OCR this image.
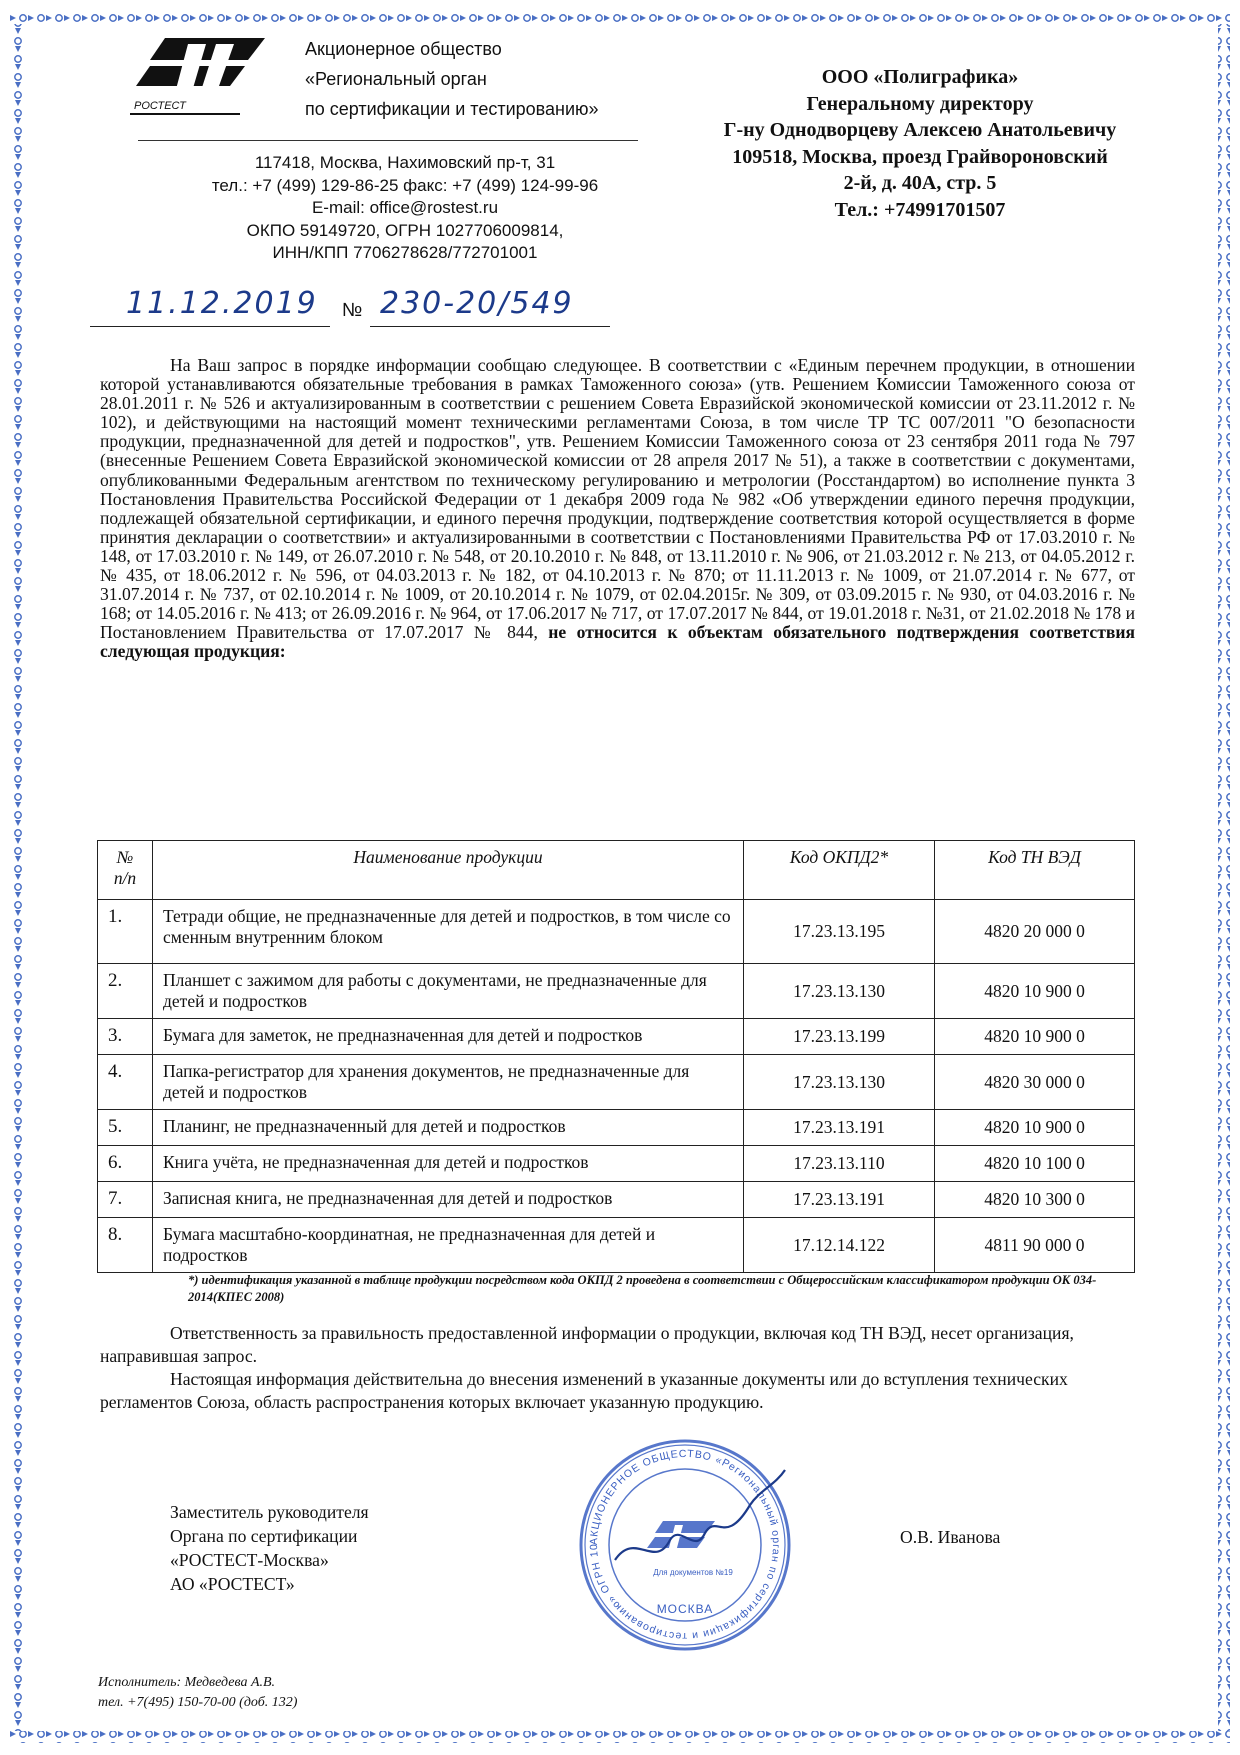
РОСТЕСТ
Акционерное общество
«Региональный орган
по сертификации и тестированию»
117418, Москва, Нахимовский пр-т, 31
тел.: +7 (499) 129-86-25 факс: +7 (499) 124-99-96
E-mail: office@rostest.ru
ОКПО 59149720, ОГРН 1027706009814,
ИНН/КПП 7706278628/772701001
ООО «Полиграфика»
Генеральному директору
Г-ну Однодворцеву Алексею Анатольевичу
109518, Москва, проезд Грайвороновский
2-й, д. 40А, стр. 5
Тел.: +74991701507
11.12.2019 № 230-20/549

На Ваш запрос в порядке информации сообщаю следующее. В соответствии с «Единым перечнем продукции, в отношении которой устанавливаются обязательные требования в рамках Таможенного союза» (утв. Решением Комиссии Таможенного союза от 28.01.2011 г. № 526 и актуализированным в соответствии с решением Совета Евразийской экономической комиссии от 23.11.2012 г. № 102), и действующими на настоящий момент техническими регламентами Союза, в том числе ТР ТС 007/2011 "О безопасности продукции, предназначенной для детей и подростков", утв. Решением Комиссии Таможенного союза от 23 сентября 2011 года № 797 (внесенные Решением Совета Евразийской экономической комиссии от 28 апреля 2017 № 51), а также в соответствии с документами, опубликованными Федеральным агентством по техническому регулированию и метрологии (Росстандартом) во исполнение пункта 3 Постановления Правительства Российской Федерации от 1 декабря 2009 года № 982 «Об утверждении единого перечня продукции, подлежащей обязательной сертификации, и единого перечня продукции, подтверждение соответствия которой осуществляется в форме принятия декларации о соответствии» и актуализированными в соответствии с Постановлениями Правительства РФ от 17.03.2010 г. № 148, от 17.03.2010 г. № 149, от 26.07.2010 г. № 548, от 20.10.2010 г. № 848, от 13.11.2010 г. № 906, от 21.03.2012 г. № 213, от 04.05.2012 г. № 435, от 18.06.2012 г. № 596, от 04.03.2013 г. № 182, от 04.10.2013 г. № 870; от 11.11.2013 г. № 1009, от 21.07.2014 г. № 677, от 31.07.2014 г. № 737, от 02.10.2014 г. № 1009, от 20.10.2014 г. № 1079, от 02.04.2015г. № 309, от 03.09.2015 г. № 930, от 04.03.2016 г. № 168; от 14.05.2016 г. № 413; от 26.09.2016 г. № 964, от 17.06.2017 № 717, от 17.07.2017 № 844, от 19.01.2018 г. №31, от 21.02.2018 № 178 и Постановлением Правительства от 17.07.2017 № 844, не относится к объектам обязательного подтверждения соответствия следующая продукция:

№ п/п	Наименование продукции	Код ОКПД2*	Код ТН ВЭД
1.	Тетради общие, не предназначенные для детей и подростков, в том числе со сменным внутренним блоком	17.23.13.195	4820 20 000 0
2.	Планшет с зажимом для работы с документами, не предназначенные для детей и подростков	17.23.13.130	4820 10 900 0
3.	Бумага для заметок, не предназначенная для детей и подростков	17.23.13.199	4820 10 900 0
4.	Папка-регистратор для хранения документов, не предназначенные для детей и подростков	17.23.13.130	4820 30 000 0
5.	Планинг, не предназначенный для детей и подростков	17.23.13.191	4820 10 900 0
6.	Книга учёта, не предназначенная для детей и подростков	17.23.13.110	4820 10 100 0
7.	Записная книга, не предназначенная для детей и подростков	17.23.13.191	4820 10 300 0
8.	Бумага масштабно-координатная, не предназначенная для детей и подростков	17.12.14.122	4811 90 000 0
*) идентификация указанной в таблице продукции посредством кода ОКПД 2 проведена в соответствии с Общероссийским классификатором продукции ОК 034-2014(КПЕС 2008)

Ответственность за правильность предоставленной информации о продукции, включая код ТН ВЭД, несет организация, направившая запрос.

Настоящая информация действительна до внесения изменений в указанные документы или до вступления технических регламентов Союза, область распространения которых включает указанную продукцию.

Заместитель руководителя
Органа по сертификации
«РОСТЕСТ-Москва»
АО «РОСТЕСТ»
АКЦИОНЕРНОЕ ОБЩЕСТВО «Региональный орган по сертификации и тестированию» ОГРН 10
Для документов №19
МОСКВА
О.В. Иванова
Исполнитель: Медведева А.В.
тел. +7(495) 150-70-00 (доб. 132)
